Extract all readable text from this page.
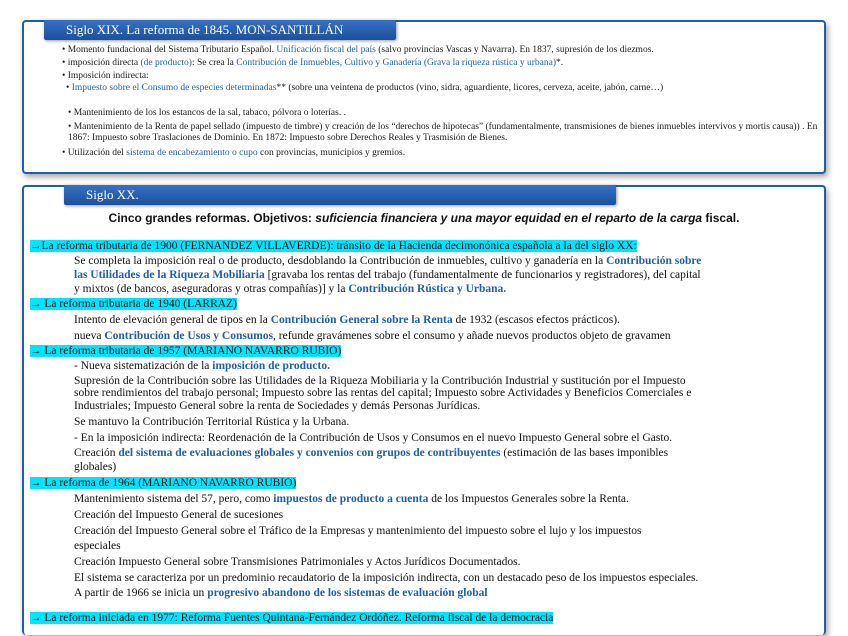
Siglo XIX. La reforma de 1845. MON-SANTILLÁN
• Momento fundacional del Sistema Tributario Español. Unificación fiscal del país (salvo provincias Vascas y Navarra). En 1837, supresión de los diezmos.
• imposición directa (de producto): Se crea la Contribución de Inmuebles, Cultivo y Ganadería (Grava la riqueza rústica y urbana)*.
• Imposición indirecta:
• Impuesto sobre el Consumo de especies determinadas** (sobre una veintena de productos (vino, sidra, aguardiente, licores, cerveza, aceite, jabón, carne…)
• Mantenimiento de los los estancos de la sal, tabaco, pólvora o loterías. .
• Mantenimiento de la Renta de papel sellado (impuesto de timbre) y creación de los “derechos de hipotecas” (fundamentalmente, transmisiones de bienes inmuebles intervivos y mortis causa)) . En 1867: Impuesto sobre Traslaciones de Dominio. En 1872: Impuesto sobre Derechos Reales y Trasmisión de Bienes.
• Utilización del sistema de encabezamiento o cupo con provincias, municipios y gremios.
Siglo XX.
Cinco grandes reformas. Objetivos: suficiencia financiera y una mayor equidad en el reparto de la carga fiscal.
→La reforma tributaria de 1900 (FERNANDEZ VILLAVERDE): tránsito de la Hacienda decimonónica española a la del siglo XX:
Se completa la imposición real o de producto, desdoblando la Contribución de inmuebles, cultivo y ganadería en la Contribución sobre
las Utilidades de la Riqueza Mobiliaria [gravaba los rentas del trabajo (fundamentalmente de funcionarios y registradores), del capital
y mixtos (de bancos, aseguradoras y otras compañías)] y la Contribución Rústica y Urbana.
→ La reforma tributaria de 1940 (LARRAZ)
Intento de elevación general de tipos en la Contribución General sobre la Renta de 1932 (escasos efectos prácticos).
nueva Contribución de Usos y Consumos, refunde gravámenes sobre el consumo y añade nuevos productos objeto de gravamen
→ La reforma tributaria de 1957 (MARIANO NAVARRO RUBIO)
- Nueva sistematización de la imposición de producto.
Supresión de la Contribución sobre las Utilidades de la Riqueza Mobiliaria y la Contribución Industrial y sustitución por el Impuesto
sobre rendimientos del trabajo personal; Impuesto sobre las rentas del capital; Impuesto sobre Actividades y Beneficios Comerciales e
Industriales; Impuesto General sobre la renta de Sociedades y demás Personas Jurídicas.
Se mantuvo la Contribución Territorial Rústica y la Urbana.
- En la imposición indirecta: Reordenación de la Contribución de Usos y Consumos en el nuevo Impuesto General sobre el Gasto.
Creación del sistema de evaluaciones globales y convenios con grupos de contribuyentes (estimación de las bases imponibles
globales)
→ La reforma de 1964 (MARIANO NAVARRO RUBIO)
Mantenimiento sistema del 57, pero, como impuestos de producto a cuenta de los Impuestos Generales sobre la Renta.
Creación del Impuesto General de sucesiones
Creación del Impuesto General sobre el Tráfico de la Empresas y mantenimiento del impuesto sobre el lujo y los impuestos
especiales
Creación Impuesto General sobre Transmisiones Patrimoniales y Actos Jurídicos Documentados.
El sistema se caracteriza por un predominio recaudatorio de la imposición indirecta, con un destacado peso de los impuestos especiales.
A partir de 1966 se inicia un progresivo abandono de los sistemas de evaluación global
→ La reforma iniciada en 1977: Reforma Fuentes Quintana-Fernández Ordóñez. Reforma fiscal de la democracia
